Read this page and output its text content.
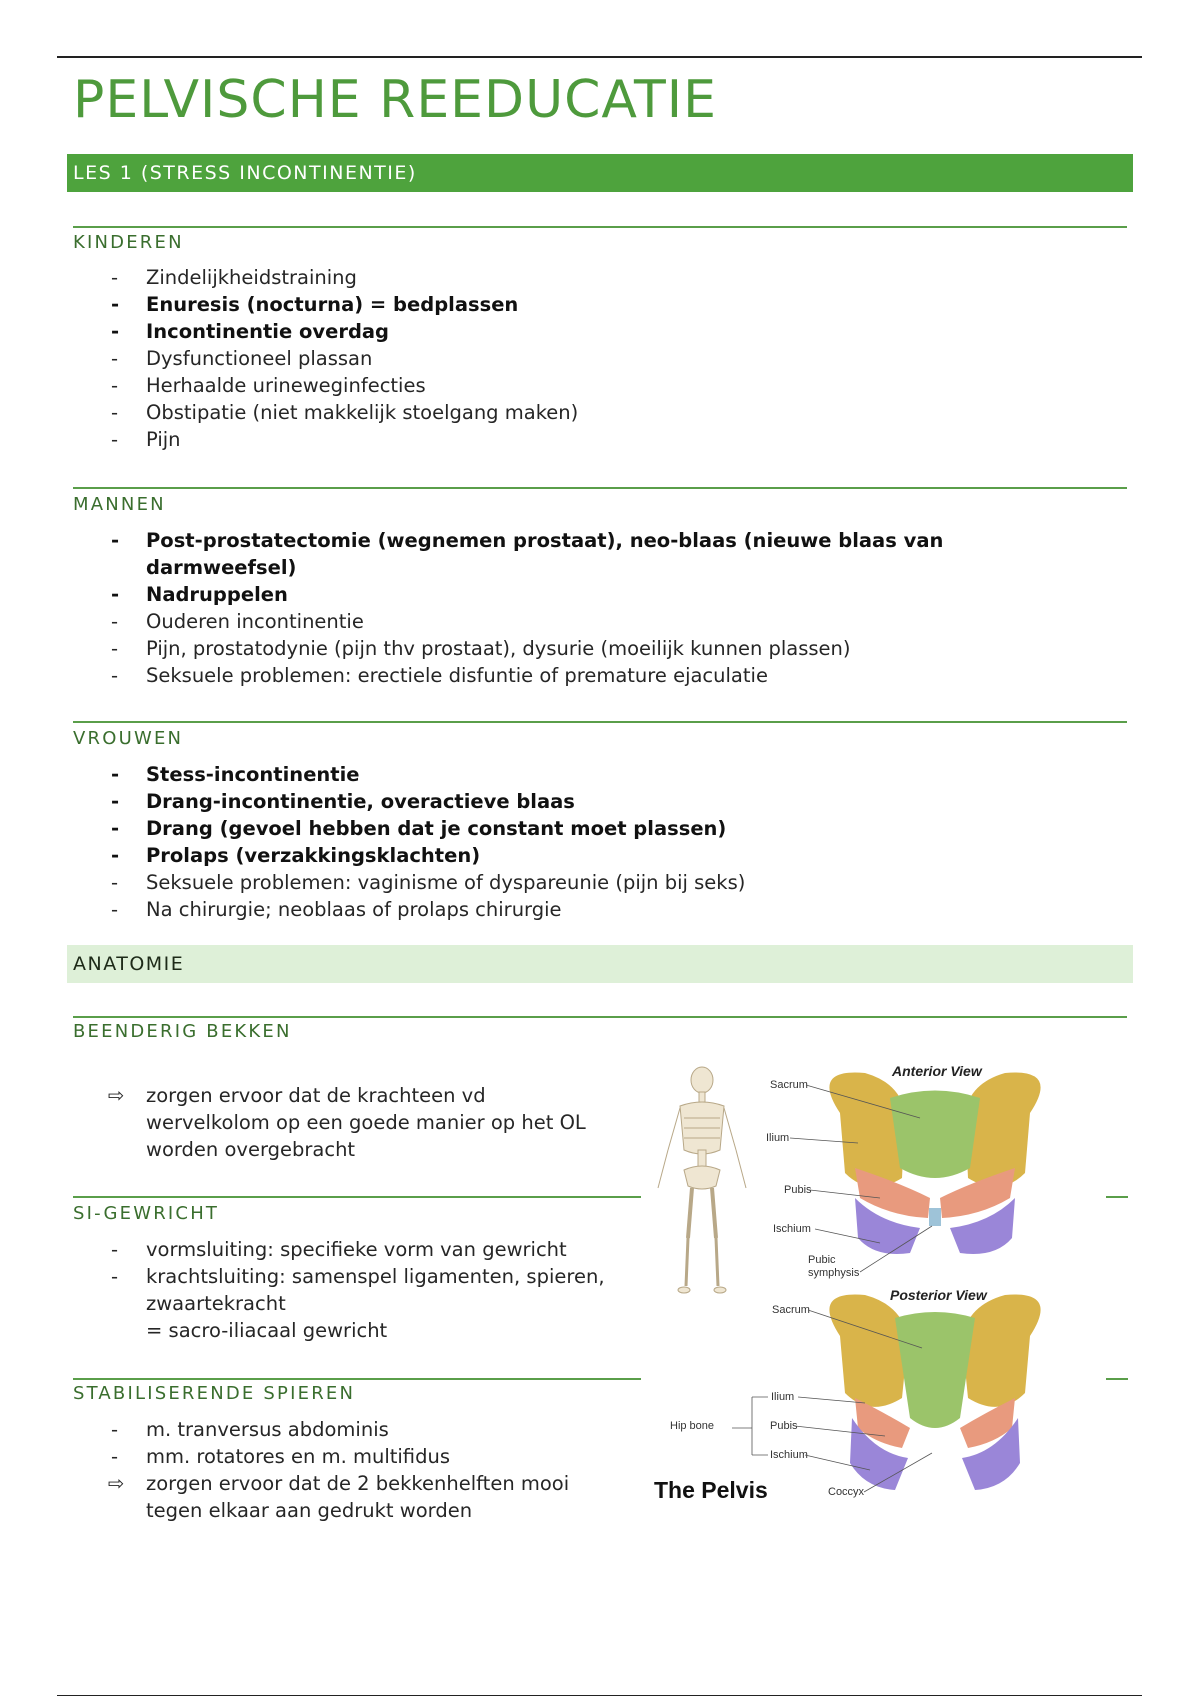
PELVISCHE REEDUCATIE
LES 1 (STRESS INCONTINENTIE)
KINDEREN
-	Zindelijkheidstraining
-	Enuresis (nocturna) = bedplassen
-	Incontinentie overdag
-	Dysfunctioneel plassan
-	Herhaalde urineweginfecties
-	Obstipatie (niet makkelijk stoelgang maken)
-	Pijn
MANNEN
-	Post-prostatectomie (wegnemen prostaat), neo-blaas (nieuwe blaas van darmweefsel)
-	Nadruppelen
-	Ouderen incontinentie
-	Pijn, prostatodynie (pijn thv prostaat), dysurie (moeilijk kunnen plassen)
-	Seksuele problemen: erectiele disfuntie of premature ejaculatie
VROUWEN
-	Stess-incontinentie
-	Drang-incontinentie, overactieve blaas
-	Drang (gevoel hebben dat je constant moet plassen)
-	Prolaps (verzakkingsklachten)
-	Seksuele problemen: vaginisme of dyspareunie (pijn bij seks)
-	Na chirurgie; neoblaas of prolaps chirurgie
ANATOMIE
BEENDERIG BEKKEN
⇨	zorgen ervoor dat de krachteen vd wervelkolom op een goede manier op het OL worden overgebracht
SI-GEWRICHT
-	vormsluiting: specifieke vorm van gewricht
-	krachtsluiting: samenspel ligamenten, spieren, zwaartekracht
= sacro-iliacaal gewricht
STABILISERENDE SPIEREN
-	m. tranversus abdominis
-	mm. rotatores en m. multifidus
⇨	zorgen ervoor dat de 2 bekkenhelften mooi tegen elkaar aan gedrukt worden
Anterior View
Sacrum
Ilium
Pubis
Ischium
Pubic
symphysis
Posterior View
Sacrum
Ilium
Pubis
Ischium
Hip bone
Coccyx
The Pelvis
